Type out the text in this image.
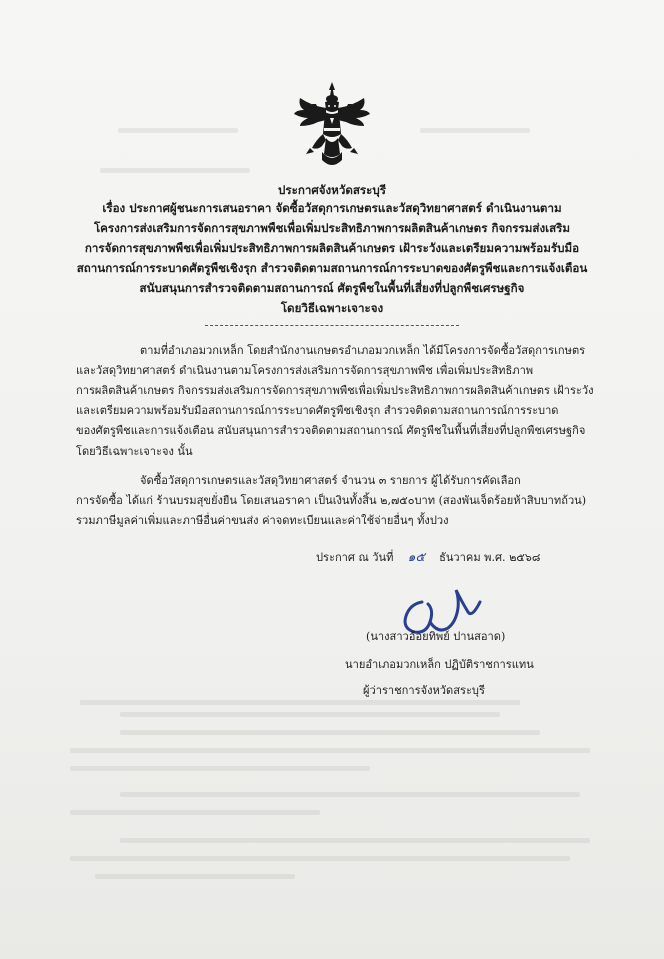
ประกาศจังหวัดสระบุรี
เรื่อง ประกาศผู้ชนะการเสนอราคา จัดซื้อวัสดุการเกษตรและวัสดุวิทยาศาสตร์ ดำเนินงานตาม
โครงการส่งเสริมการจัดการสุขภาพพืชเพื่อเพิ่มประสิทธิภาพการผลิตสินค้าเกษตร กิจกรรมส่งเสริม
การจัดการสุขภาพพืชเพื่อเพิ่มประสิทธิภาพการผลิตสินค้าเกษตร เฝ้าระวังและเตรียมความพร้อมรับมือ
สถานการณ์การระบาดศัตรูพืชเชิงรุก สำรวจติดตามสถานการณ์การระบาดของศัตรูพืชและการแจ้งเตือน
สนับสนุนการสำรวจติดตามสถานการณ์ ศัตรูพืชในพื้นที่เสี่ยงที่ปลูกพืชเศรษฐกิจ
โดยวิธีเฉพาะเจาะจง
ตามที่อำเภอมวกเหล็ก โดยสำนักงานเกษตรอำเภอมวกเหล็ก ได้มีโครงการจัดซื้อวัสดุการเกษตร
และวัสดุวิทยาศาสตร์ ดำเนินงานตามโครงการส่งเสริมการจัดการสุขภาพพืช เพื่อเพิ่มประสิทธิภาพ
การผลิตสินค้าเกษตร กิจกรรมส่งเสริมการจัดการสุขภาพพืชเพื่อเพิ่มประสิทธิภาพการผลิตสินค้าเกษตร เฝ้าระวัง
และเตรียมความพร้อมรับมือสถานการณ์การระบาดศัตรูพืชเชิงรุก สำรวจติดตามสถานการณ์การระบาด
ของศัตรูพืชและการแจ้งเตือน สนับสนุนการสำรวจติดตามสถานการณ์ ศัตรูพืชในพื้นที่เสี่ยงที่ปลูกพืชเศรษฐกิจ
โดยวิธีเฉพาะเจาะจง นั้น
จัดซื้อวัสดุการเกษตรและวัสดุวิทยาศาสตร์ จำนวน ๓ รายการ ผู้ได้รับการคัดเลือก
การจัดซื้อ ได้แก่ ร้านบรมสุขยั่งยืน โดยเสนอราคา เป็นเงินทั้งสิ้น ๒,๗๕๐บาท (สองพันเจ็ดร้อยห้าสิบบาทถ้วน)
รวมภาษีมูลค่าเพิ่มและภาษีอื่นค่าขนส่ง ค่าจดทะเบียนและค่าใช้จ่ายอื่นๆ ทั้งปวง
ประกาศ ณ วันที่ ๑๕ ธันวาคม พ.ศ. ๒๕๖๘
(นางสาวอ้อยทิพย์ ปานสอาด)
นายอำเภอมวกเหล็ก ปฏิบัติราชการแทน
ผู้ว่าราชการจังหวัดสระบุรี
